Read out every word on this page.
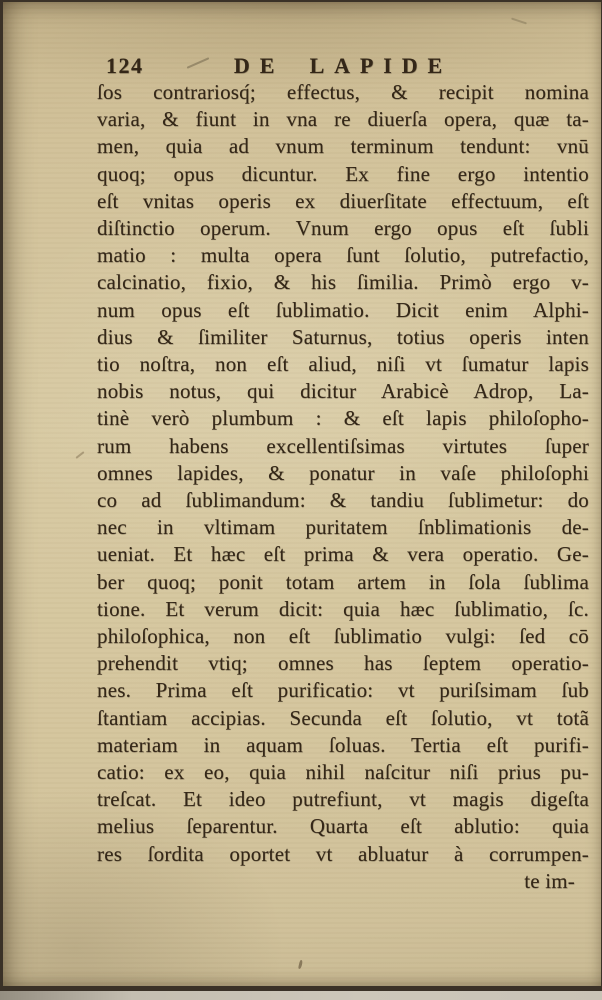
124	DE LAPIDE
ſos contrariosq́; effectus, & recipit nomina
varia, & fiunt in vna re diuerſa opera, quæ ta-
men, quia ad vnum terminum tendunt: vnū
quoq; opus dicuntur. Ex fine ergo intentio
eſt vnitas operis ex diuerſitate effectuum, eſt
diſtinctio operum. Vnum ergo opus eſt ſubli
matio : multa opera ſunt ſolutio, putrefactio,
calcinatio, fixio, & his ſimilia. Primò ergo v-
num opus eſt ſublimatio. Dicit enim Alphi-
dius & ſimiliter Saturnus, totius operis inten
tio noſtra, non eſt aliud, niſi vt ſumatur lapis
nobis notus, qui dicitur Arabicè Adrop, La-
tinè verò plumbum : & eſt lapis philoſopho-
rum habens excellentiſsimas virtutes ſuper
omnes lapides, & ponatur in vaſe philoſophi
co ad ſublimandum: & tandiu ſublimetur: do
nec in vltimam puritatem ſnblimationis de-
ueniat. Et hæc eſt prima & vera operatio. Ge-
ber quoq; ponit totam artem in ſola ſublima
tione. Et verum dicit: quia hæc ſublimatio, ſc.
philoſophica, non eſt ſublimatio vulgi: ſed cō
prehendit vtiq; omnes has ſeptem operatio-
nes. Prima eſt purificatio: vt puriſsimam ſub
ſtantiam accipias. Secunda eſt ſolutio, vt totã
materiam in aquam ſoluas. Tertia eſt purifi-
catio: ex eo, quia nihil naſcitur niſi prius pu-
treſcat. Et ideo putrefiunt, vt magis digeſta
melius ſeparentur. Quarta eſt ablutio: quia
res ſordita oportet vt abluatur à corrumpen-
te im-
